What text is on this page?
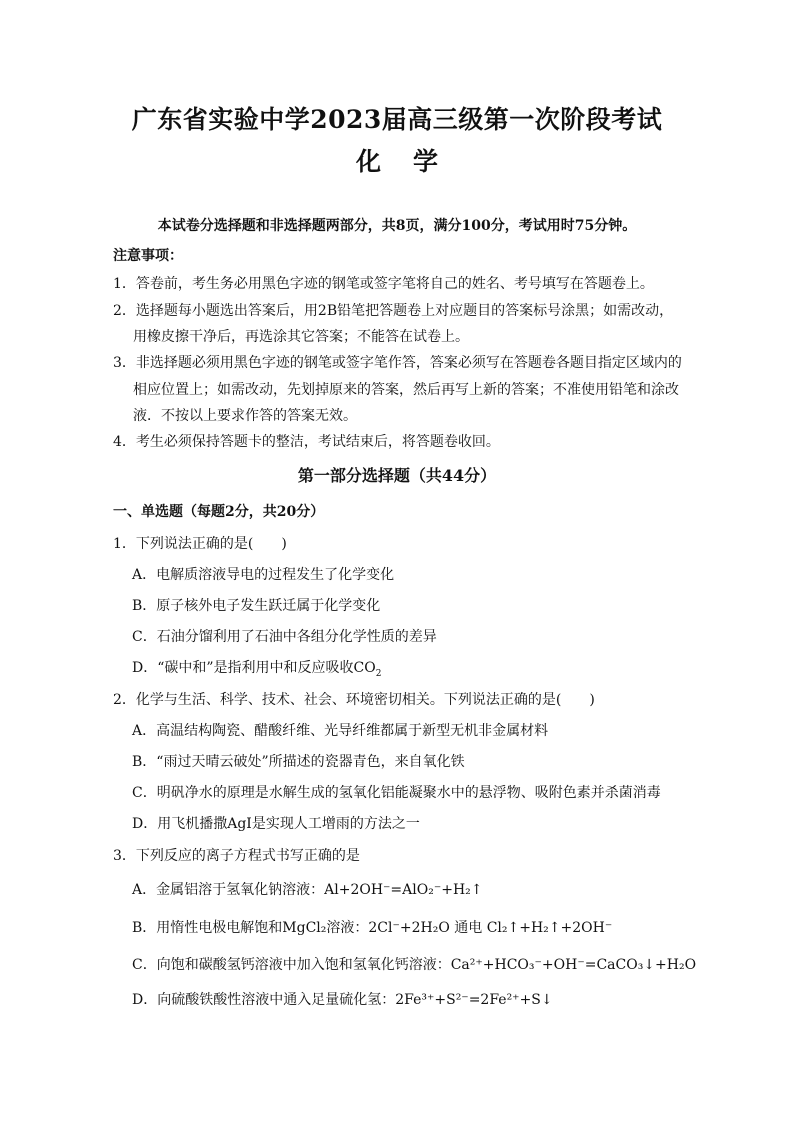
广东省实验中学2023届高三级第一次阶段考试
化 学
本试卷分选择题和非选择题两部分，共8页，满分100分，考试用时75分钟。
注意事项：
1．答卷前，考生务必用黑色字迹的钢笔或签字笔将自己的姓名、考号填写在答题卷上。
2．选择题每小题选出答案后，用2B铅笔把答题卷上对应题目的答案标号涂黑；如需改动，
用橡皮擦干净后，再选涂其它答案；不能答在试卷上。
3．非选择题必须用黑色字迹的钢笔或签字笔作答，答案必须写在答题卷各题目指定区域内的
相应位置上；如需改动，先划掉原来的答案，然后再写上新的答案；不准使用铅笔和涂改
液．不按以上要求作答的答案无效。
4．考生必须保持答题卡的整洁，考试结束后，将答题卷收回。
第一部分选择题（共44分）
一、单选题（每题2分，共20分）
1．下列说法正确的是(　　)
A．电解质溶液导电的过程发生了化学变化
B．原子核外电子发生跃迁属于化学变化
C．石油分馏利用了石油中各组分化学性质的差异
D．“碳中和”是指利用中和反应吸收$CO_2$
2．化学与生活、科学、技术、社会、环境密切相关。下列说法正确的是(　　)
A．高温结构陶瓷、醋酸纤维、光导纤维都属于新型无机非金属材料
B．“雨过天晴云破处”所描述的瓷器青色，来自氧化铁
C．明矾净水的原理是水解生成的氢氧化铝能凝聚水中的悬浮物、吸附色素并杀菌消毒
D．用飞机播撒AgI是实现人工增雨的方法之一
3．下列反应的离子方程式书写正确的是
A．金属铝溶于氢氧化钠溶液：Al+2OH⁻=AlO₂⁻+H₂↑
B．用惰性电极电解饱和MgCl₂溶液：2Cl⁻+2H₂O 通电 Cl₂↑+H₂↑+2OH⁻
C．向饱和碳酸氢钙溶液中加入饱和氢氧化钙溶液：Ca²⁺+HCO₃⁻+OH⁻=CaCO₃↓+H₂O
D．向硫酸铁酸性溶液中通入足量硫化氢：2Fe³⁺+S²⁻=2Fe²⁺+S↓
